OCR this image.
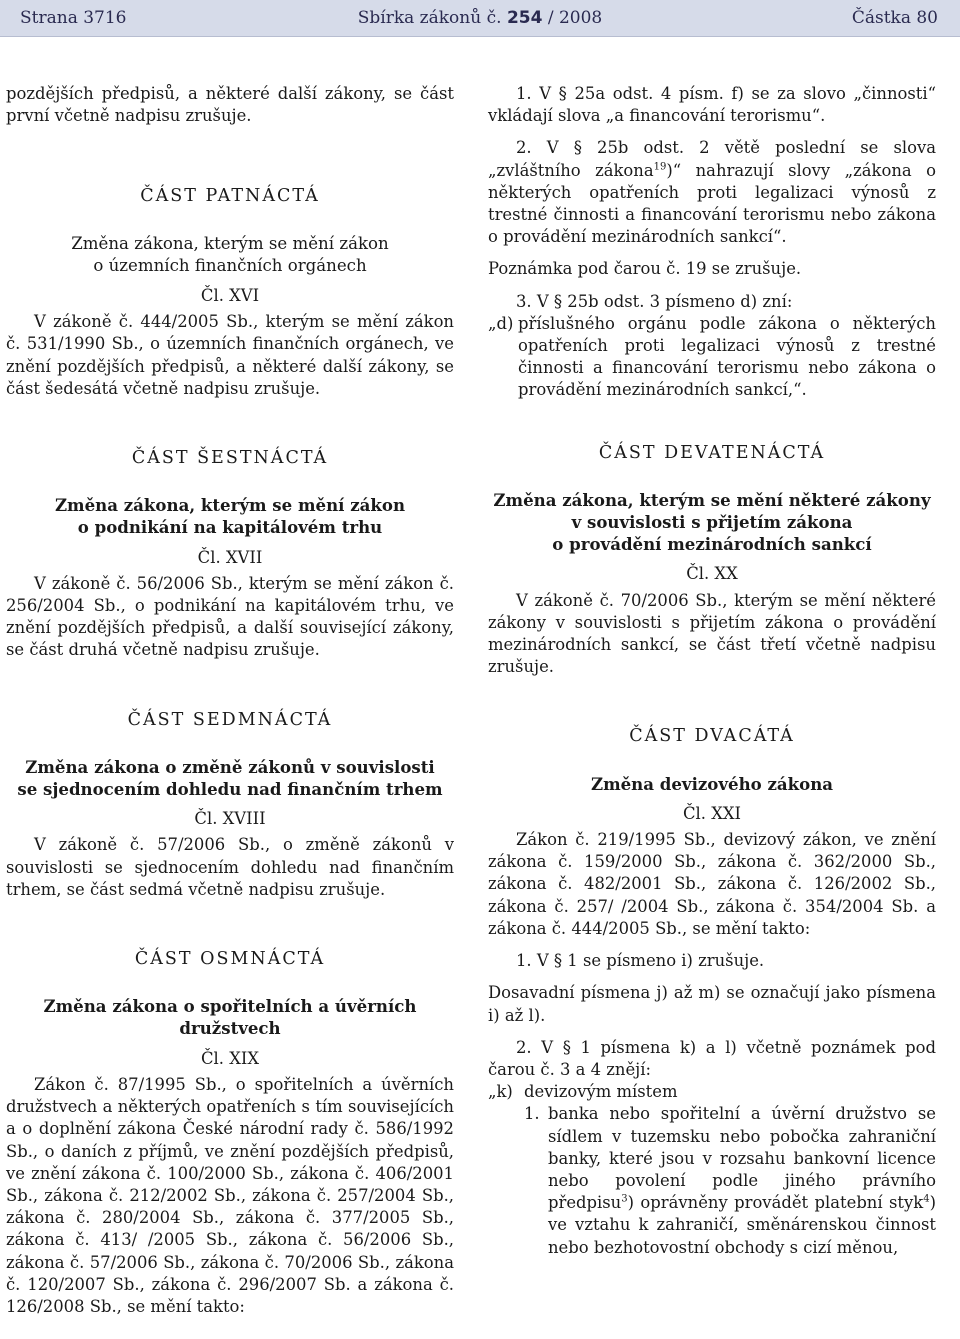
Strana 3716	Sbírka zákonů č. 254 / 2008	Částka 80

pozdějších předpisů, a některé další zákony, se část první včetně nadpisu zrušuje.

ČÁST PATNÁCTÁ
Změna zákona, kterým se mění zákon
o územních finančních orgánech
Čl. XVI

V zákoně č. 444/2005 Sb., kterým se mění zákon č. 531/1990 Sb., o územních finančních orgánech, ve znění pozdějších předpisů, a některé další zákony, se část šedesátá včetně nadpisu zrušuje.

ČÁST ŠESTNÁCTÁ
Změna zákona, kterým se mění zákon
o podnikání na kapitálovém trhu
Čl. XVII

V zákoně č. 56/2006 Sb., kterým se mění zákon č. 256/2004 Sb., o podnikání na kapitálovém trhu, ve znění pozdějších předpisů, a další související zákony, se část druhá včetně nadpisu zrušuje.

ČÁST SEDMNÁCTÁ
Změna zákona o změně zákonů v souvislosti
se sjednocením dohledu nad finančním trhem
Čl. XVIII

V zákoně č. 57/2006 Sb., o změně zákonů v souvislosti se sjednocením dohledu nad finančním trhem, se část sedmá včetně nadpisu zrušuje.

ČÁST OSMNÁCTÁ
Změna zákona o spořitelních a úvěrních družstvech
Čl. XIX

Zákon č. 87/1995 Sb., o spořitelních a úvěrních družstvech a některých opatřeních s tím souvisejících a o doplnění zákona České národní rady č. 586/1992 Sb., o daních z příjmů, ve znění pozdějších předpisů, ve znění zákona č. 100/2000 Sb., zákona č. 406/2001 Sb., zákona č. 212/2002 Sb., zákona č. 257/2004 Sb., zákona č. 280/2004 Sb., zákona č. 377/2005 Sb., zákona č. 413/ /2005 Sb., zákona č. 56/2006 Sb., zákona č. 57/2006 Sb., zákona č. 70/2006 Sb., zákona č. 120/2007 Sb., zákona č. 296/2007 Sb. a zákona č. 126/2008 Sb., se mění takto:

1. V § 25a odst. 4 písm. f) se za slovo „činnosti“ vkládají slova „a financování terorismu“.

2. V § 25b odst. 2 větě poslední se slova „zvláštního zákona$^{19}$)“ nahrazují slovy „zákona o některých opatřeních proti legalizaci výnosů z trestné činnosti a financování terorismu nebo zákona o provádění mezinárodních sankcí“.

Poznámka pod čarou č. 19 se zrušuje.

3. V § 25b odst. 3 písmeno d) zní:

„d) příslušného orgánu podle zákona o některých opatřeních proti legalizaci výnosů z trestné činnosti a financování terorismu nebo zákona o provádění mezinárodních sankcí,“.
ČÁST DEVATENÁCTÁ
Změna zákona, kterým se mění některé zákony
v souvislosti s přijetím zákona
o provádění mezinárodních sankcí
Čl. XX

V zákoně č. 70/2006 Sb., kterým se mění některé zákony v souvislosti s přijetím zákona o provádění mezinárodních sankcí, se část třetí včetně nadpisu zrušuje.

ČÁST DVACÁTÁ
Změna devizového zákona
Čl. XXI

Zákon č. 219/1995 Sb., devizový zákon, ve znění zákona č. 159/2000 Sb., zákona č. 362/2000 Sb., zákona č. 482/2001 Sb., zákona č. 126/2002 Sb., zákona č. 257/ /2004 Sb., zákona č. 354/2004 Sb. a zákona č. 444/2005 Sb., se mění takto:

1. V § 1 se písmeno i) zrušuje.

Dosavadní písmena j) až m) se označují jako písmena i) až l).

2. V § 1 písmena k) a l) včetně poznámek pod čarou č. 3 a 4 znějí:

„k) devizovým místem
1. banka nebo spořitelní a úvěrní družstvo se sídlem v tuzemsku nebo pobočka zahraniční banky, které jsou v rozsahu bankovní licence nebo povolení podle jiného právního předpisu$^3$) oprávněny provádět platební styk$^4$) ve vztahu k zahraničí, směnárenskou činnost nebo bezhotovostní obchody s cizí měnou,
